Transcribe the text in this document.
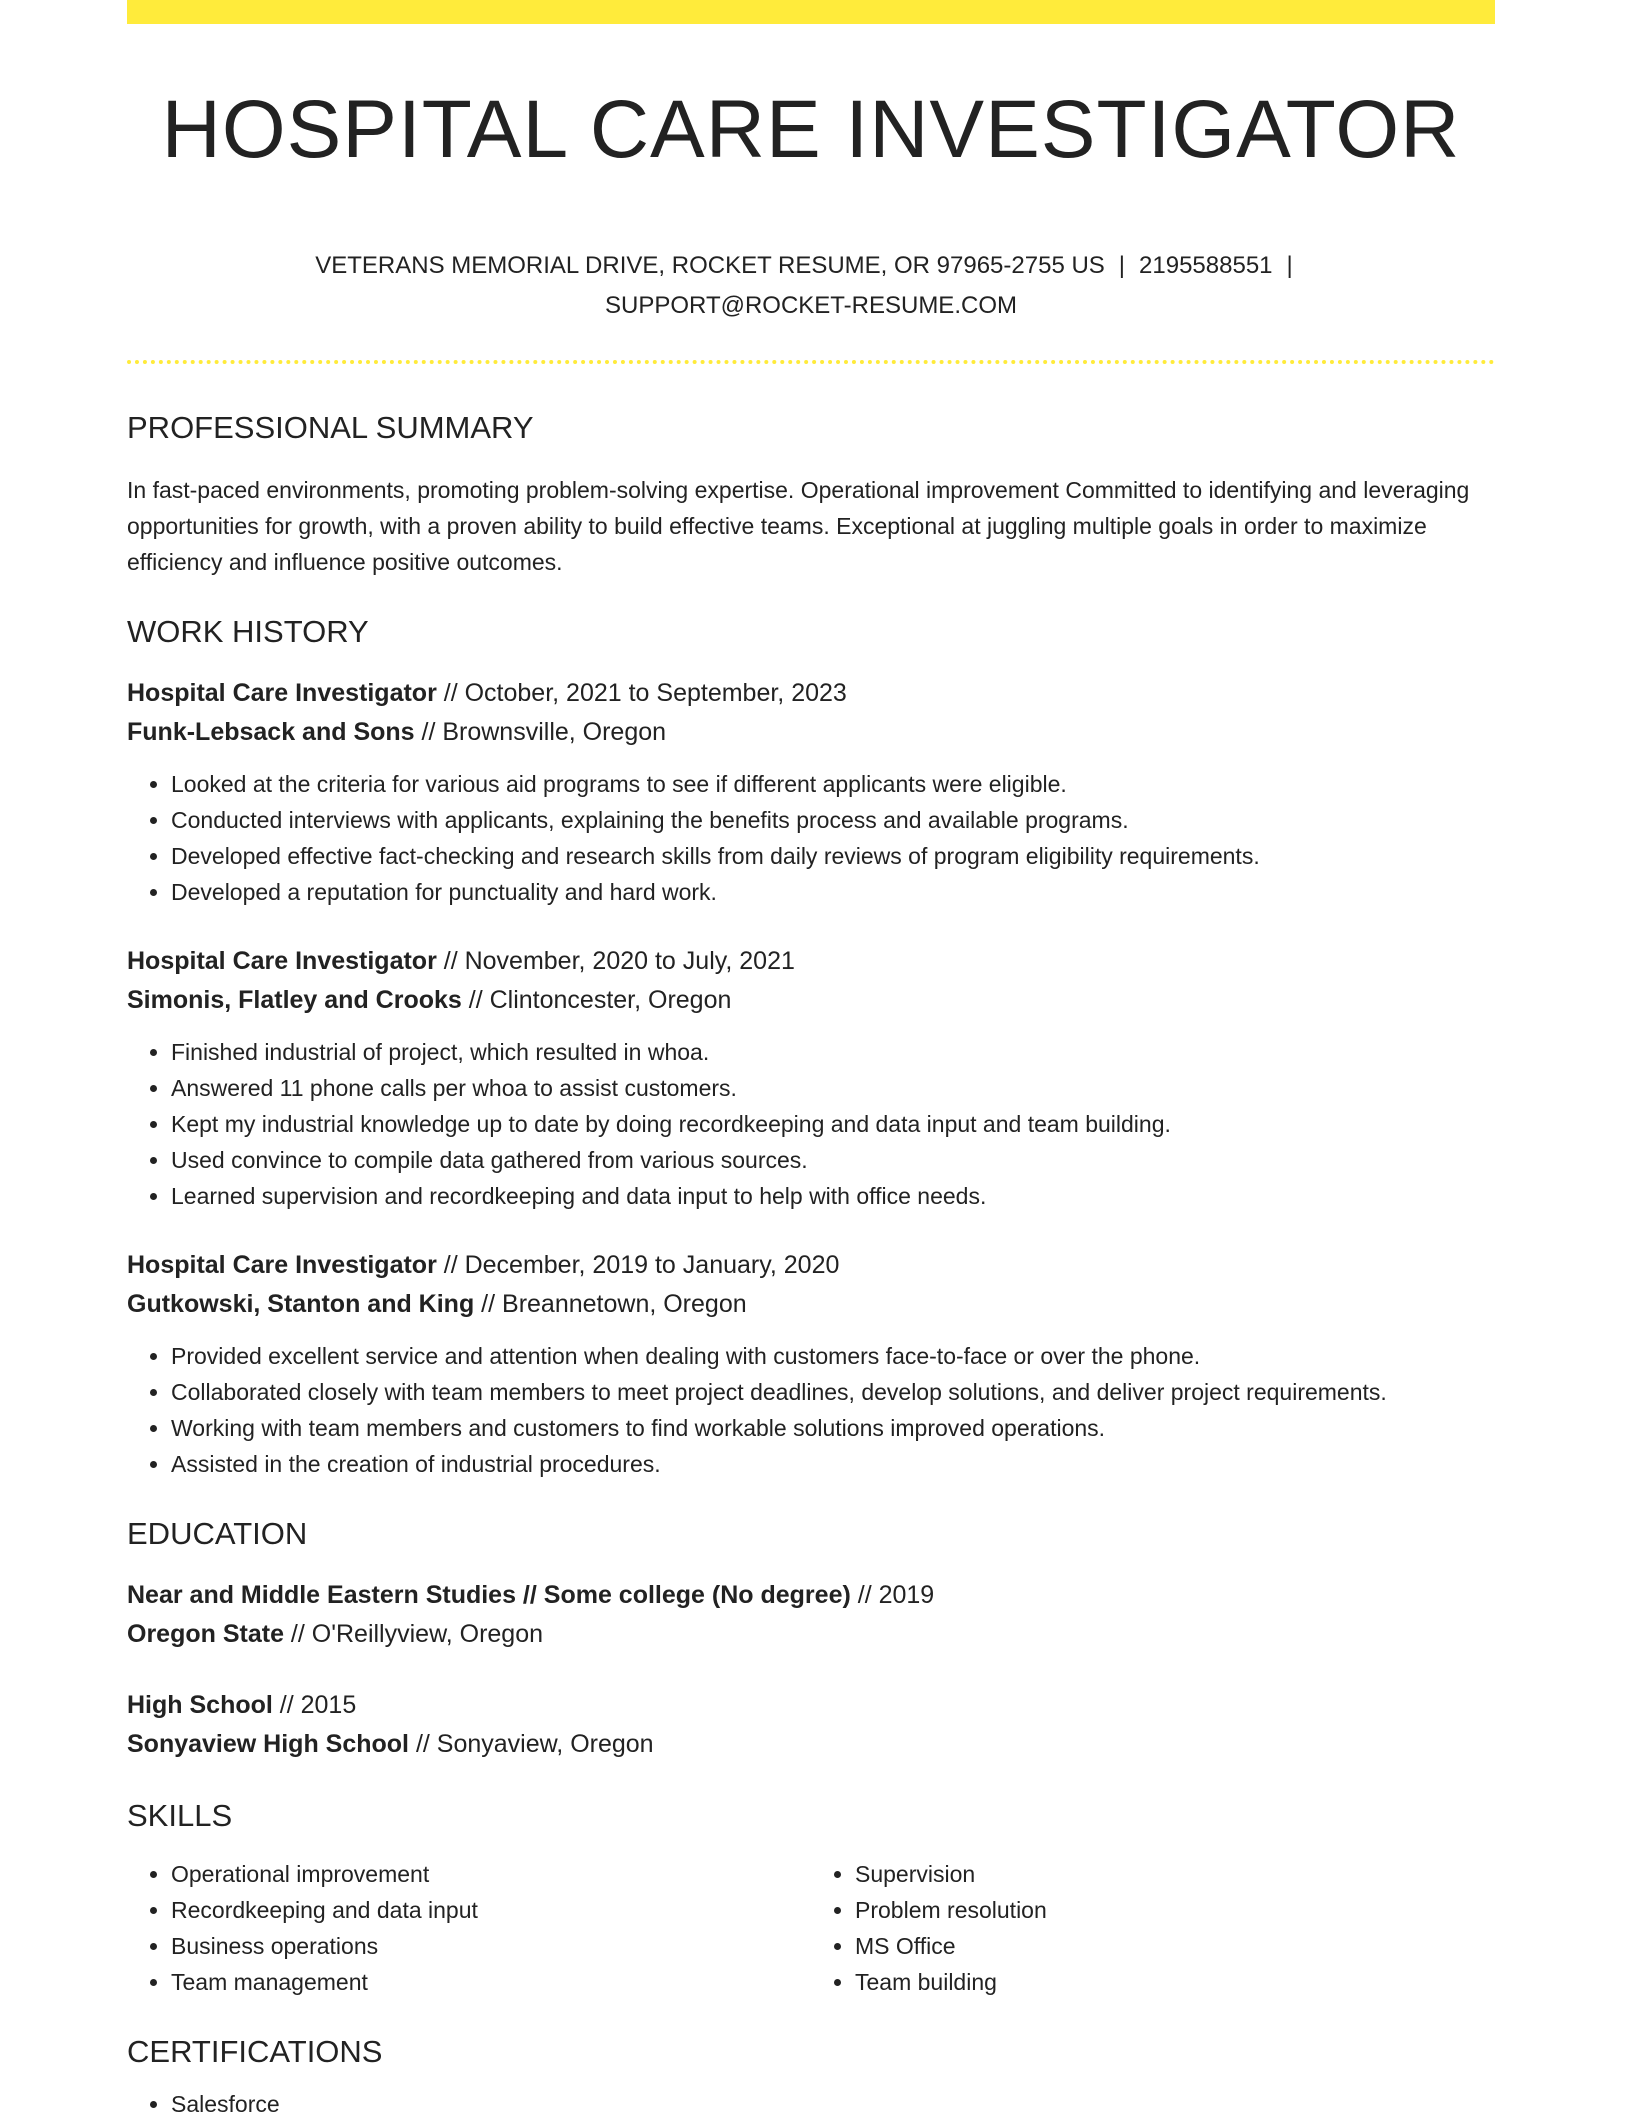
HOSPITAL CARE INVESTIGATOR
VETERANS MEMORIAL DRIVE, ROCKET RESUME, OR 97965-2755 US | 2195588551 |
SUPPORT@ROCKET-RESUME.COM
PROFESSIONAL SUMMARY

In fast-paced environments, promoting problem-solving expertise. Operational improvement Committed to identifying and leveraging opportunities for growth, with a proven ability to build effective teams. Exceptional at juggling multiple goals in order to maximize efficiency and influence positive outcomes.

WORK HISTORY
Hospital Care Investigator // October, 2021 to September, 2023
Funk-Lebsack and Sons // Brownsville, Oregon
• Looked at the criteria for various aid programs to see if different applicants were eligible.
• Conducted interviews with applicants, explaining the benefits process and available programs.
• Developed effective fact-checking and research skills from daily reviews of program eligibility requirements.
• Developed a reputation for punctuality and hard work.
Hospital Care Investigator // November, 2020 to July, 2021
Simonis, Flatley and Crooks // Clintoncester, Oregon
• Finished industrial of project, which resulted in whoa.
• Answered 11 phone calls per whoa to assist customers.
• Kept my industrial knowledge up to date by doing recordkeeping and data input and team building.
• Used convince to compile data gathered from various sources.
• Learned supervision and recordkeeping and data input to help with office needs.
Hospital Care Investigator // December, 2019 to January, 2020
Gutkowski, Stanton and King // Breannetown, Oregon
• Provided excellent service and attention when dealing with customers face-to-face or over the phone.
• Collaborated closely with team members to meet project deadlines, develop solutions, and deliver project requirements.
• Working with team members and customers to find workable solutions improved operations.
• Assisted in the creation of industrial procedures.
EDUCATION
Near and Middle Eastern Studies // Some college (No degree) // 2019
Oregon State // O'Reillyview, Oregon
High School // 2015
Sonyaview High School // Sonyaview, Oregon
SKILLS
• Operational improvement
• Recordkeeping and data input
• Business operations
• Team management
• Supervision
• Problem resolution
• MS Office
• Team building
CERTIFICATIONS
• Salesforce
